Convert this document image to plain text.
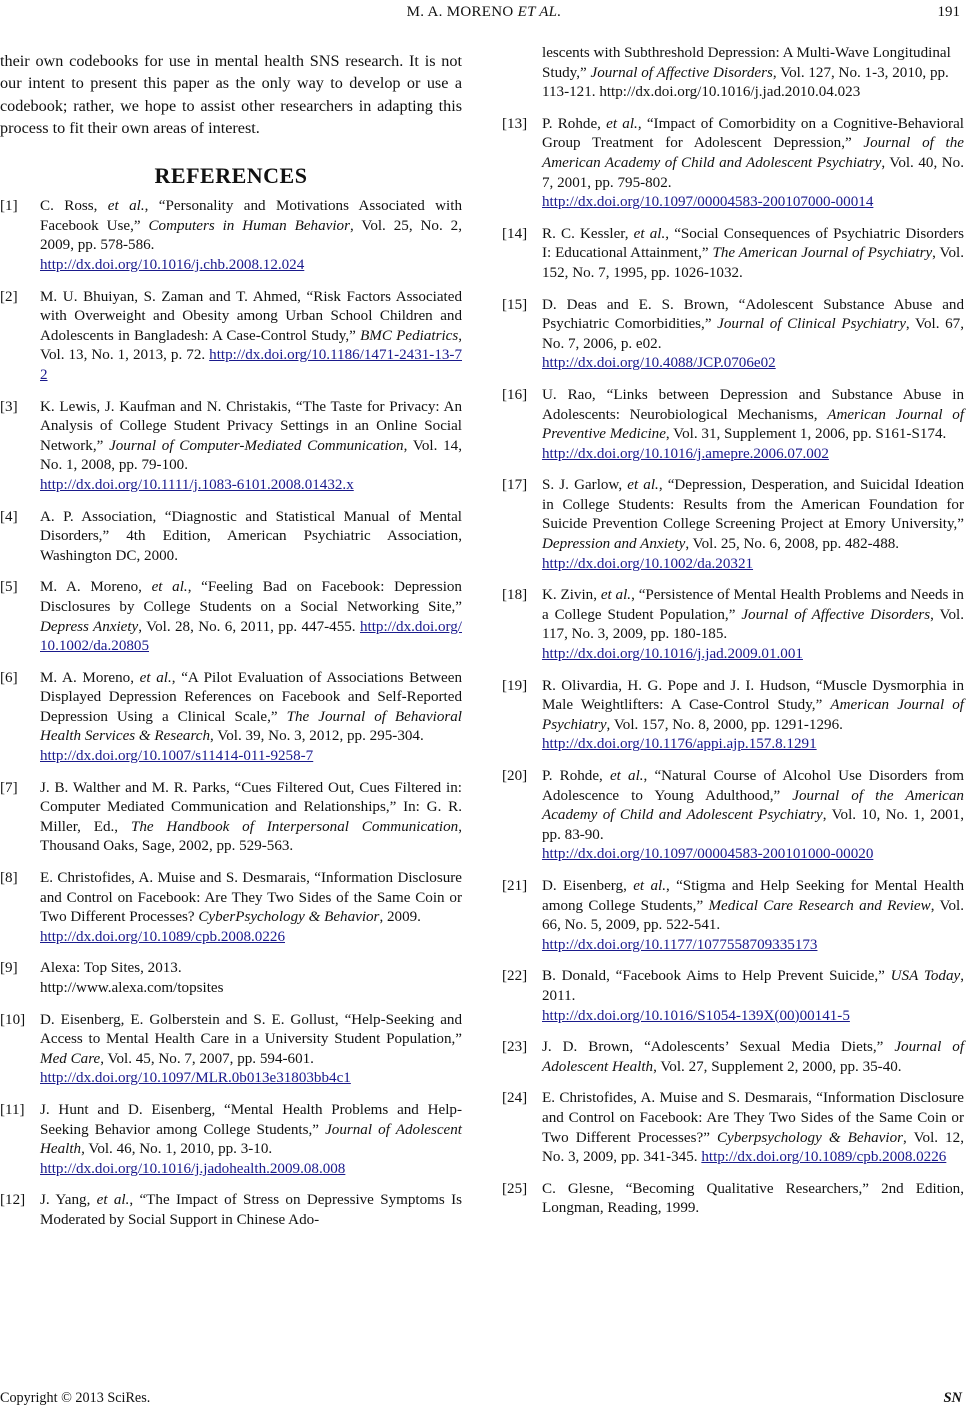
M. A. MORENO ET AL.	191

their own codebooks for use in mental health SNS research. It is not our intent to present this paper as the only way to develop or use a codebook; rather, we hope to assist other researchers in adapting this process to fit their own areas of interest.

REFERENCES
[1]	C. Ross, et al., “Personality and Motivations Associated with Facebook Use,” Computers in Human Behavior, Vol. 25, No. 2, 2009, pp. 578-586.
http://dx.doi.org/10.1016/j.chb.2008.12.024
[2]	M. U. Bhuiyan, S. Zaman and T. Ahmed, “Risk Factors Associated with Overweight and Obesity among Urban School Children and Adolescents in Bangladesh: A Case-Control Study,” BMC Pediatrics, Vol. 13, No. 1, 2013, p. 72. http://dx.doi.org/10.1186/1471-2431-13-72
[3]	K. Lewis, J. Kaufman and N. Christakis, “The Taste for Privacy: An Analysis of College Student Privacy Settings in an Online Social Network,” Journal of Computer-Mediated Communication, Vol. 14, No. 1, 2008, pp. 79-100.
http://dx.doi.org/10.1111/j.1083-6101.2008.01432.x
[4]	A. P. Association, “Diagnostic and Statistical Manual of Mental Disorders,” 4th Edition, American Psychiatric Association, Washington DC, 2000.
[5]	M. A. Moreno, et al., “Feeling Bad on Facebook: Depression Disclosures by College Students on a Social Networking Site,” Depress Anxiety, Vol. 28, No. 6, 2011, pp. 447-455. http://dx.doi.org/10.1002/da.20805
[6]	M. A. Moreno, et al., “A Pilot Evaluation of Associations Between Displayed Depression References on Facebook and Self-Reported Depression Using a Clinical Scale,” The Journal of Behavioral Health Services & Research, Vol. 39, No. 3, 2012, pp. 295-304.
http://dx.doi.org/10.1007/s11414-011-9258-7
[7]	J. B. Walther and M. R. Parks, “Cues Filtered Out, Cues Filtered in: Computer Mediated Communication and Relationships,” In: G. R. Miller, Ed., The Handbook of Interpersonal Communication, Thousand Oaks, Sage, 2002, pp. 529-563.
[8]	E. Christofides, A. Muise and S. Desmarais, “Information Disclosure and Control on Facebook: Are They Two Sides of the Same Coin or Two Different Processes? CyberPsychology & Behavior, 2009.
http://dx.doi.org/10.1089/cpb.2008.0226
[9]	Alexa: Top Sites, 2013.
http://www.alexa.com/topsites
[10] D. Eisenberg, E. Golberstein and S. E. Gollust, “Help-Seeking and Access to Mental Health Care in a University Student Population,” Med Care, Vol. 45, No. 7, 2007, pp. 594-601.
http://dx.doi.org/10.1097/MLR.0b013e31803bb4c1
[11]	J. Hunt and D. Eisenberg, “Mental Health Problems and Help-Seeking Behavior among College Students,” Journal of Adolescent Health, Vol. 46, No. 1, 2010, pp. 3-10.
http://dx.doi.org/10.1016/j.jadohealth.2009.08.008
[12] J. Yang, et al., “The Impact of Stress on Depressive Symptoms Is Moderated by Social Support in Chinese Ado-
lescents with Subthreshold Depression: A Multi-Wave Longitudinal Study,” Journal of Affective Disorders, Vol. 127, No. 1-3, 2010, pp. 113-121. http://dx.doi.org/10.1016/j.jad.2010.04.023
[13] P. Rohde, et al., “Impact of Comorbidity on a Cognitive-Behavioral Group Treatment for Adolescent Depression,” Journal of the American Academy of Child and Adolescent Psychiatry, Vol. 40, No. 7, 2001, pp. 795-802.
http://dx.doi.org/10.1097/00004583-200107000-00014
[14] R. C. Kessler, et al., “Social Consequences of Psychiatric Disorders I: Educational Attainment,” The American Journal of Psychiatry, Vol. 152, No. 7, 1995, pp. 1026-1032.
[15] D. Deas and E. S. Brown, “Adolescent Substance Abuse and Psychiatric Comorbidities,” Journal of Clinical Psychiatry, Vol. 67, No. 7, 2006, p. e02.
http://dx.doi.org/10.4088/JCP.0706e02
[16] U. Rao, “Links between Depression and Substance Abuse in Adolescents: Neurobiological Mechanisms, American Journal of Preventive Medicine, Vol. 31, Supplement 1, 2006, pp. S161-S174.
http://dx.doi.org/10.1016/j.amepre.2006.07.002
[17] S. J. Garlow, et al., “Depression, Desperation, and Suicidal Ideation in College Students: Results from the American Foundation for Suicide Prevention College Screening Project at Emory University,” Depression and Anxiety, Vol. 25, No. 6, 2008, pp. 482-488.
http://dx.doi.org/10.1002/da.20321
[18] K. Zivin, et al., “Persistence of Mental Health Problems and Needs in a College Student Population,” Journal of Affective Disorders, Vol. 117, No. 3, 2009, pp. 180-185.
http://dx.doi.org/10.1016/j.jad.2009.01.001
[19] R. Olivardia, H. G. Pope and J. I. Hudson, “Muscle Dysmorphia in Male Weightlifters: A Case-Control Study,” American Journal of Psychiatry, Vol. 157, No. 8, 2000, pp. 1291-1296.
http://dx.doi.org/10.1176/appi.ajp.157.8.1291
[20] P. Rohde, et al., “Natural Course of Alcohol Use Disorders from Adolescence to Young Adulthood,” Journal of the American Academy of Child and Adolescent Psychiatry, Vol. 10, No. 1, 2001, pp. 83-90.
http://dx.doi.org/10.1097/00004583-200101000-00020
[21] D. Eisenberg, et al., “Stigma and Help Seeking for Mental Health among College Students,” Medical Care Research and Review, Vol. 66, No. 5, 2009, pp. 522-541.
http://dx.doi.org/10.1177/1077558709335173
[22] B. Donald, “Facebook Aims to Help Prevent Suicide,” USA Today, 2011.
http://dx.doi.org/10.1016/S1054-139X(00)00141-5
[23] J. D. Brown, “Adolescents’ Sexual Media Diets,” Journal of Adolescent Health, Vol. 27, Supplement 2, 2000, pp. 35-40.
[24] E. Christofides, A. Muise and S. Desmarais, “Information Disclosure and Control on Facebook: Are They Two Sides of the Same Coin or Two Different Processes?” Cyberpsychology & Behavior, Vol. 12, No. 3, 2009, pp. 341-345. http://dx.doi.org/10.1089/cpb.2008.0226
[25] C. Glesne, “Becoming Qualitative Researchers,” 2nd Edition, Longman, Reading, 1999.
Copyright © 2013 SciRes.	SN
